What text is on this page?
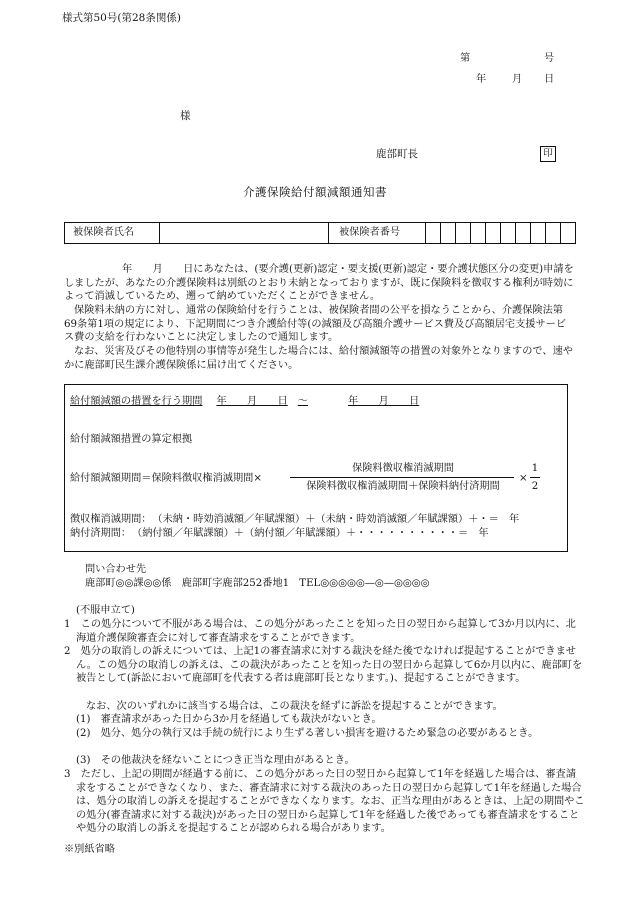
様式第50号(第28条関係)
第	号
年	月 日
様
鹿部町長	印
介護保険給付額減額通知書
被保険者氏名		被保険者番号										
年　　月　　日にあなたは、(要介護(更新)認定・要支援(更新)認定・要介護状態区分の変更)申請をしましたが、あなたの介護保険料は別紙のとおり未納となっておりますが、既に保険料を徴収する権利が時効によって消滅しているため、遡って納めていただくことができません。
保険料未納の方に対し、通常の保険給付を行うことは、被保険者間の公平を損なうことから、介護保険法第69条第1項の規定により、下記期間につき介護給付等(の減額及び高額介護サービス費及び高額居宅支援サービス費の支給を行わないことに決定しましたので通知します。
なお、災害及びその他特別の事情等が発生した場合には、給付額減額等の措置の対象外となりますので、速やかに鹿部町民生課介護保険係に届け出てください。
給付額減額の措置を行う期間 年　　月　　日 〜	年　　月　　日
給付額減額措置の算定根拠
給付額減額期間＝保険料徴収権消滅期間×
保険料徴収権消滅期間
保険料徴収権消滅期間＋保険料納付済期間
×
1
2
徴収権消滅期間： （未納・時効消滅額／年賦課額）＋（未納・時効消滅額／年賦課額）＋・＝　年
納付済期間： （納付額／年賦課額）＋（納付額／年賦課額）＋・・・・・・・・・・＝　年
問い合わせ先
鹿部町◎◎課◎◎係　鹿部町字鹿部252番地1　TEL◎◎◎◎◎—◎—◎◎◎◎
(不服申立て)
1　この処分について不服がある場合は、この処分があったことを知った日の翌日から起算して3か月以内に、北海道介護保険審査会に対して審査請求をすることができます。
2　処分の取消しの訴えについては、上記1の審査請求に対する裁決を経た後でなければ提起することができません。この処分の取消しの訴えは、この裁決があったことを知った日の翌日から起算して6か月以内に、鹿部町を被告として(訴訟において鹿部町を代表する者は鹿部町長となります。)、提起することができます。
なお、次のいずれかに該当する場合は、この裁決を経ずに訴訟を提起することができます。
(1)　審査請求があった日から3か月を経過しても裁決がないとき。
(2)　処分、処分の執行又は手続の続行により生ずる著しい損害を避けるため緊急の必要があるとき。
(3)　その他裁決を経ないことにつき正当な理由があるとき。
3　ただし、上記の期間が経過する前に、この処分があった日の翌日から起算して1年を経過した場合は、審査請求をすることができなくなり、また、審査請求に対する裁決のあった日の翌日から起算して1年を経過した場合は、処分の取消しの訴えを提起することができなくなります。なお、正当な理由があるときは、上記の期間やこの処分(審査請求に対する裁決)があった日の翌日から起算して1年を経過した後であっても審査請求をすることや処分の取消しの訴えを提起することが認められる場合があります。
※別紙省略
